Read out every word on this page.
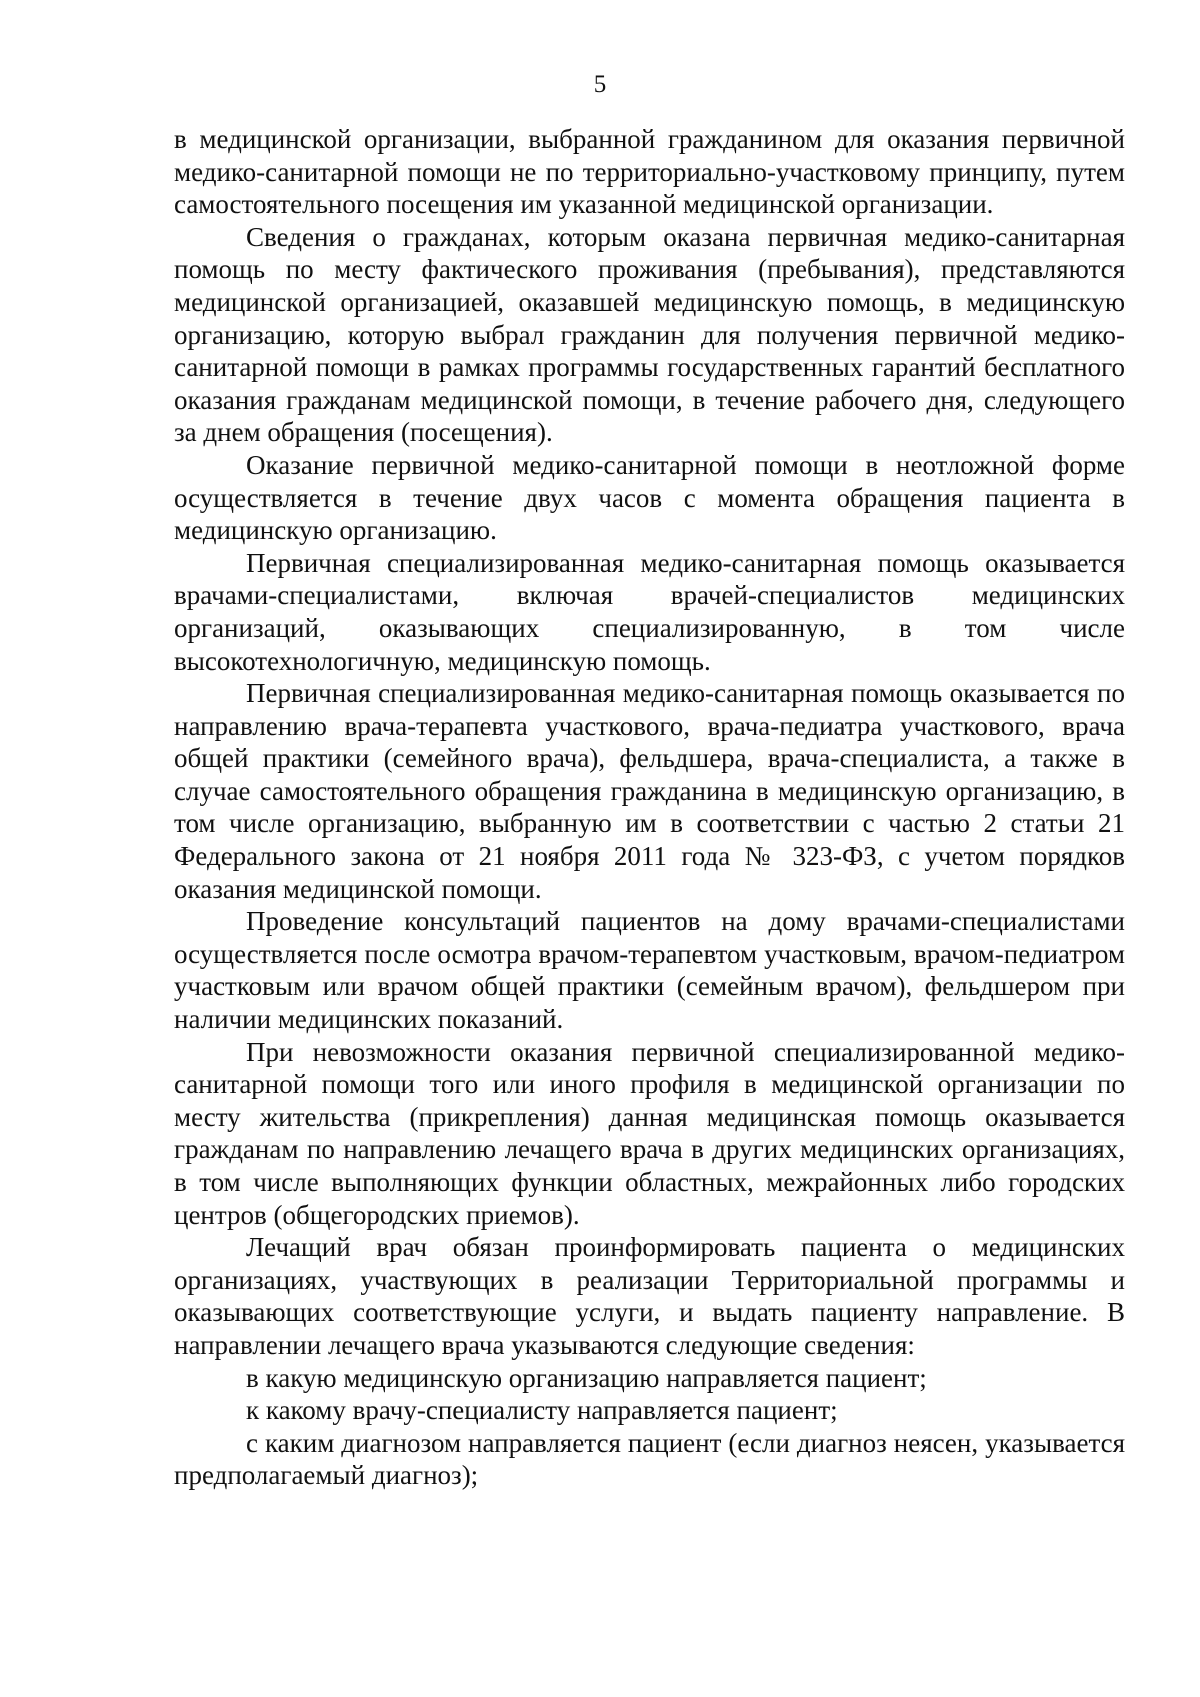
5

в медицинской организации, выбранной гражданином для оказания первичной медико-санитарной помощи не по территориально-участковому принципу, путем самостоятельного посещения им указанной медицинской организации.

Сведения о гражданах, которым оказана первичная медико-санитарная помощь по месту фактического проживания (пребывания), представляются медицинской организацией, оказавшей медицинскую помощь, в медицинскую организацию, которую выбрал гражданин для получения первичной медико-санитарной помощи в рамках программы государственных гарантий бесплатного оказания гражданам медицинской помощи, в течение рабочего дня, следующего за днем обращения (посещения).

Оказание первичной медико-санитарной помощи в неотложной форме осуществляется в течение двух часов с момента обращения пациента в медицинскую организацию.

Первичная специализированная медико-санитарная помощь оказывается врачами-специалистами, включая врачей-специалистов медицинских организаций, оказывающих специализированную, в том числе высокотехнологичную, медицинскую помощь.

Первичная специализированная медико-санитарная помощь оказывается по направлению врача-терапевта участкового, врача-педиатра участкового, врача общей практики (семейного врача), фельдшера, врача-специалиста, а также в случае самостоятельного обращения гражданина в медицинскую организацию, в том числе организацию, выбранную им в соответствии с частью 2 статьи 21 Федерального закона от 21 ноября 2011 года № 323-ФЗ, с учетом порядков оказания медицинской помощи.

Проведение консультаций пациентов на дому врачами-специалистами осуществляется после осмотра врачом-терапевтом участковым, врачом-педиатром участковым или врачом общей практики (семейным врачом), фельдшером при наличии медицинских показаний.

При невозможности оказания первичной специализированной медико-санитарной помощи того или иного профиля в медицинской организации по месту жительства (прикрепления) данная медицинская помощь оказывается гражданам по направлению лечащего врача в других медицинских организациях, в том числе выполняющих функции областных, межрайонных либо городских центров (общегородских приемов).

Лечащий врач обязан проинформировать пациента о медицинских организациях, участвующих в реализации Территориальной программы и оказывающих соответствующие услуги, и выдать пациенту направление. В направлении лечащего врача указываются следующие сведения:

в какую медицинскую организацию направляется пациент;

к какому врачу-специалисту направляется пациент;

с каким диагнозом направляется пациент (если диагноз неясен, указывается предполагаемый диагноз);
